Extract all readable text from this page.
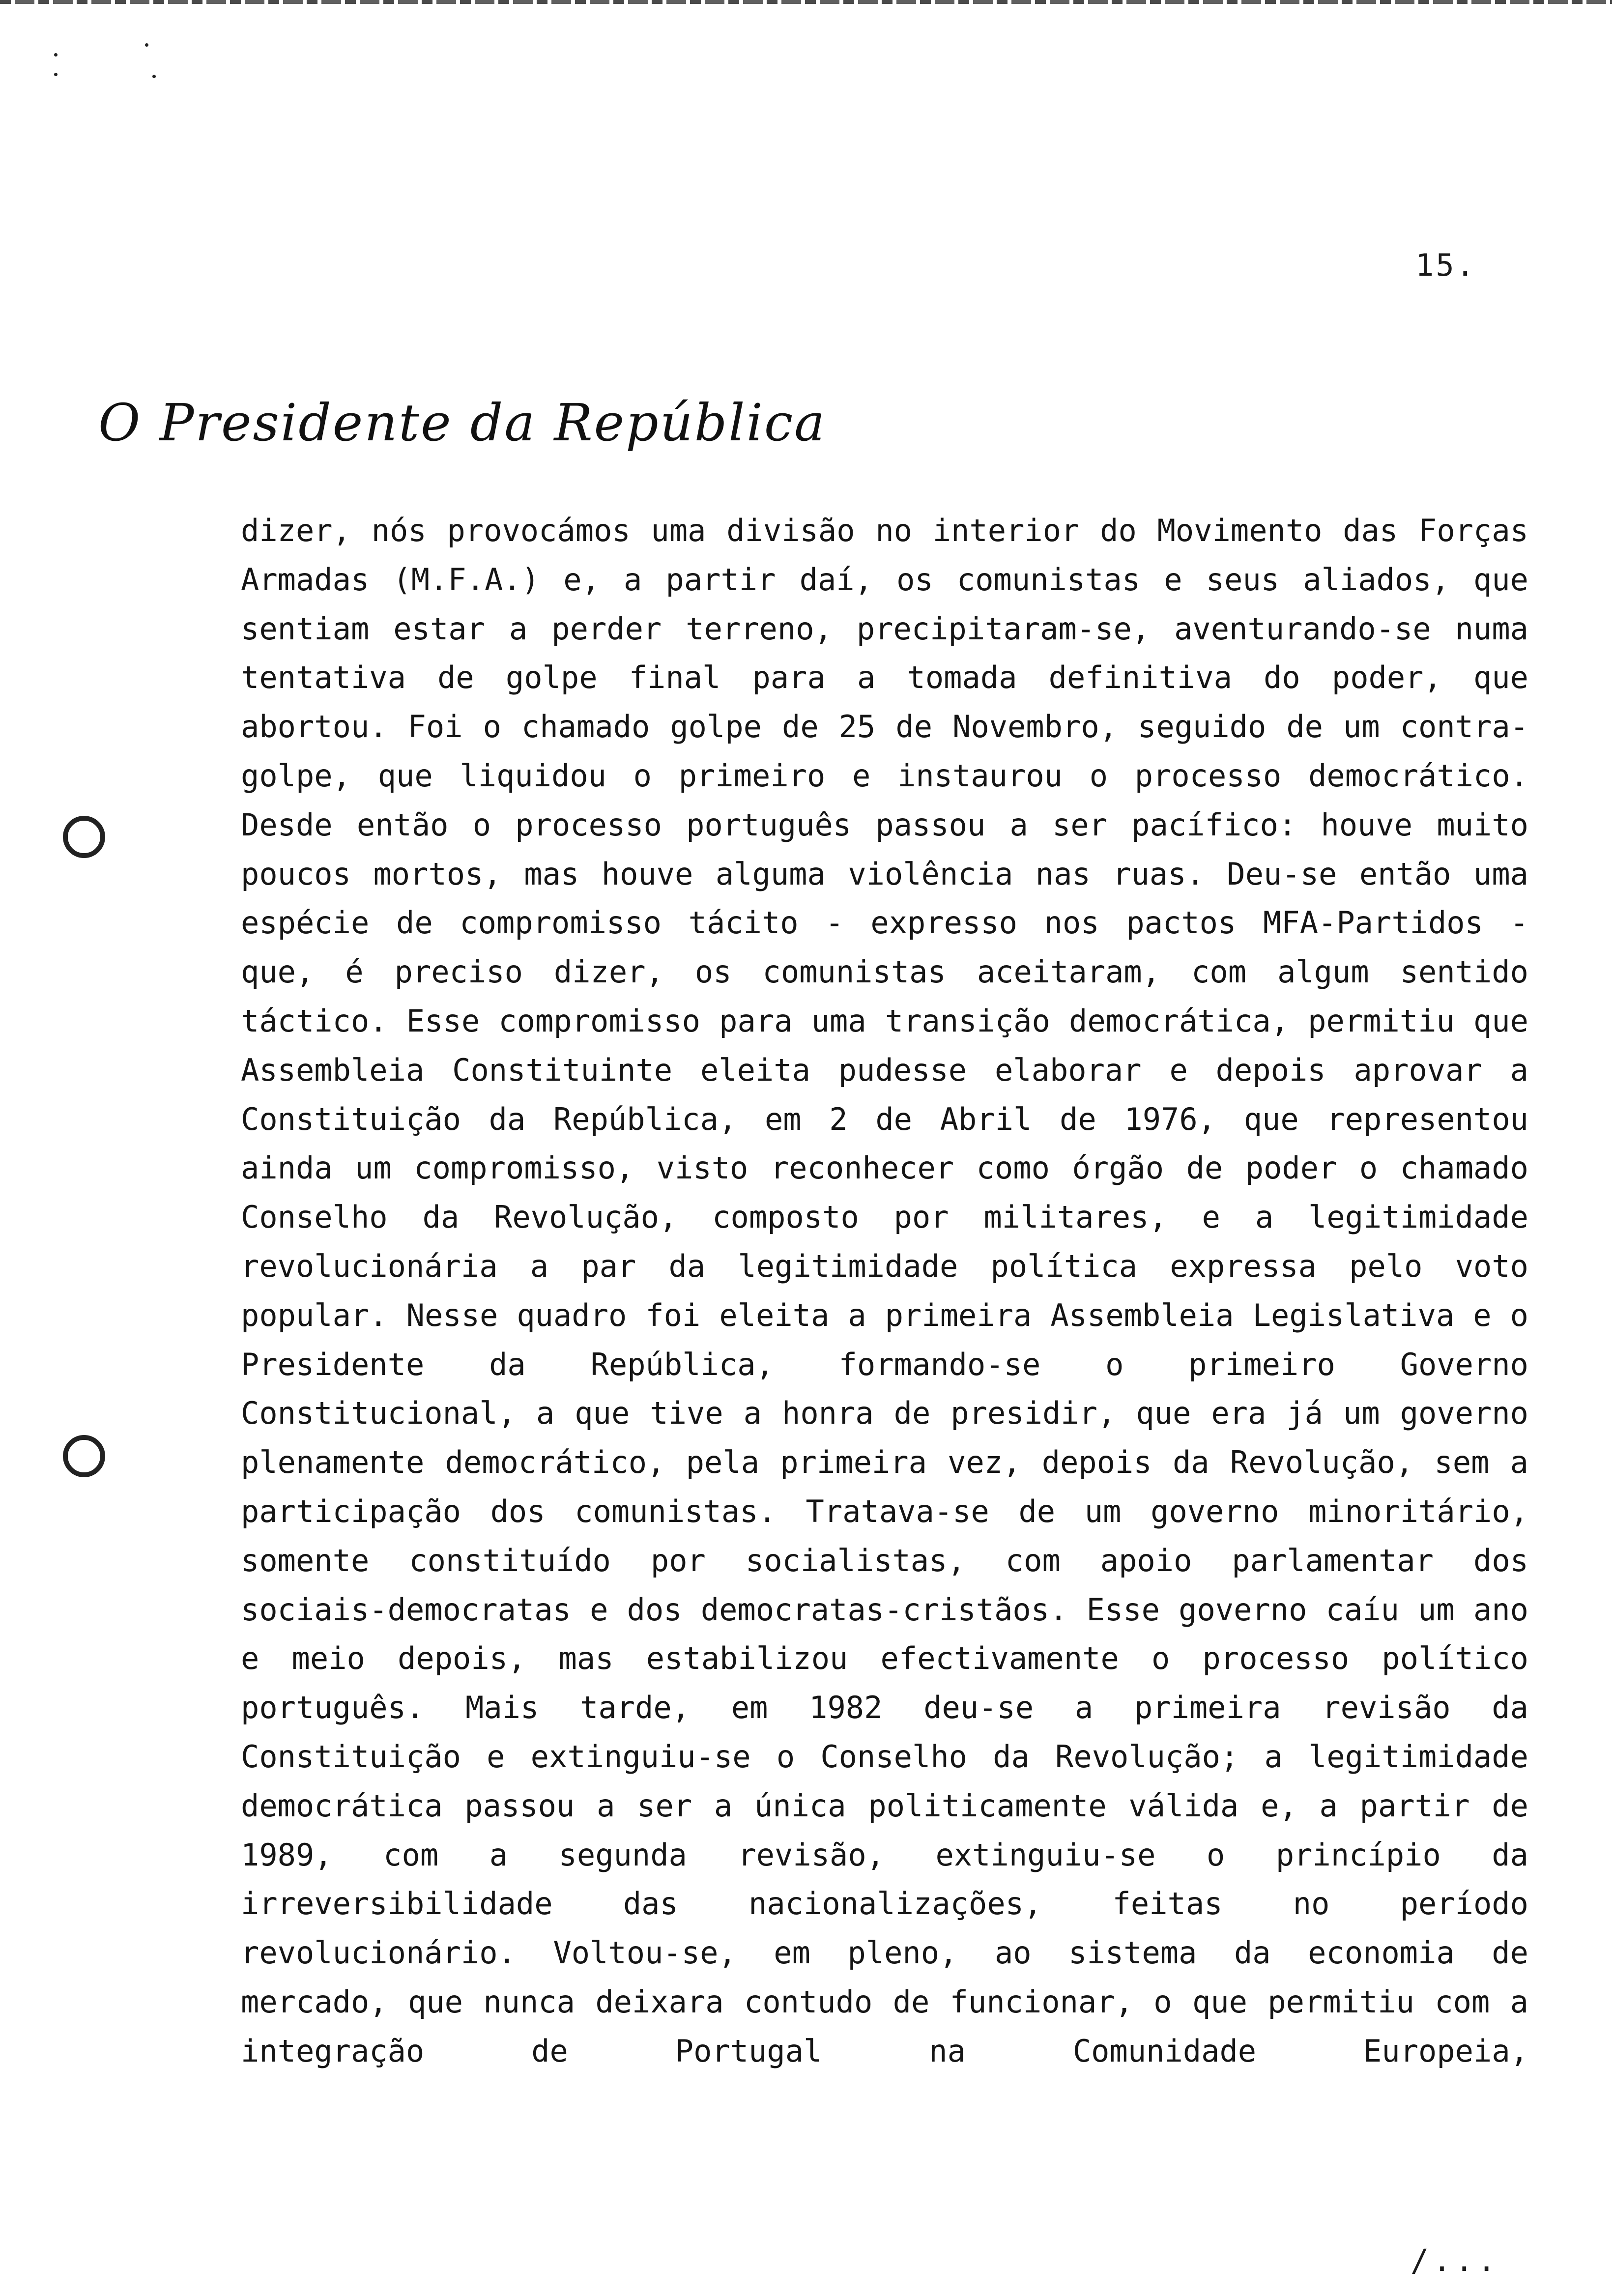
15.
O Presidente da República

dizer, nós provocámos uma divisão no interior do Movimento das Forças Armadas (M.F.A.) e, a partir daí, os comunistas e seus aliados, que sentiam estar a perder terreno, precipitaram-se, aventurando-se numa tentativa de golpe final para a tomada definitiva do poder, que abortou. Foi o chamado golpe de 25 de Novembro, seguido de um contra-golpe, que liquidou o primeiro e instaurou o processo democrático. Desde então o processo português passou a ser pacífico: houve muito poucos mortos, mas houve alguma violência nas ruas. Deu-se então uma espécie de compromisso tácito - expresso nos pactos MFA-Partidos - que, é preciso dizer, os comunistas aceitaram, com algum sentido táctico. Esse compromisso para uma transição democrática, permitiu que Assembleia Constituinte eleita pudesse elaborar e depois aprovar a Constituição da República, em 2 de Abril de 1976, que representou ainda um compromisso, visto reconhecer como órgão de poder o chamado Conselho da Revolução, composto por militares, e a legitimidade revolucionária a par da legitimidade política expressa pelo voto popular. Nesse quadro foi eleita a primeira Assembleia Legislativa e o Presidente da República, formando-se o primeiro Governo Constitucional, a que tive a honra de presidir, que era já um governo plenamente democrático, pela primeira vez, depois da Revolução, sem a participação dos comunistas. Tratava-se de um governo minoritário, somente constituído por socialistas, com apoio parlamentar dos sociais-democratas e dos democratas-cristãos. Esse governo caíu um ano e meio depois, mas estabilizou efectivamente o processo político português. Mais tarde, em 1982 deu-se a primeira revisão da Constituição e extinguiu-se o Conselho da Revolução; a legitimidade democrática passou a ser a única politicamente válida e, a partir de 1989, com a segunda revisão, extinguiu-se o princípio da irreversibilidade das nacionalizações, feitas no período revolucionário. Voltou-se, em pleno, ao sistema da economia de mercado, que nunca deixara contudo de funcionar, o que permitiu com a integração de Portugal na Comunidade Europeia,

/...
